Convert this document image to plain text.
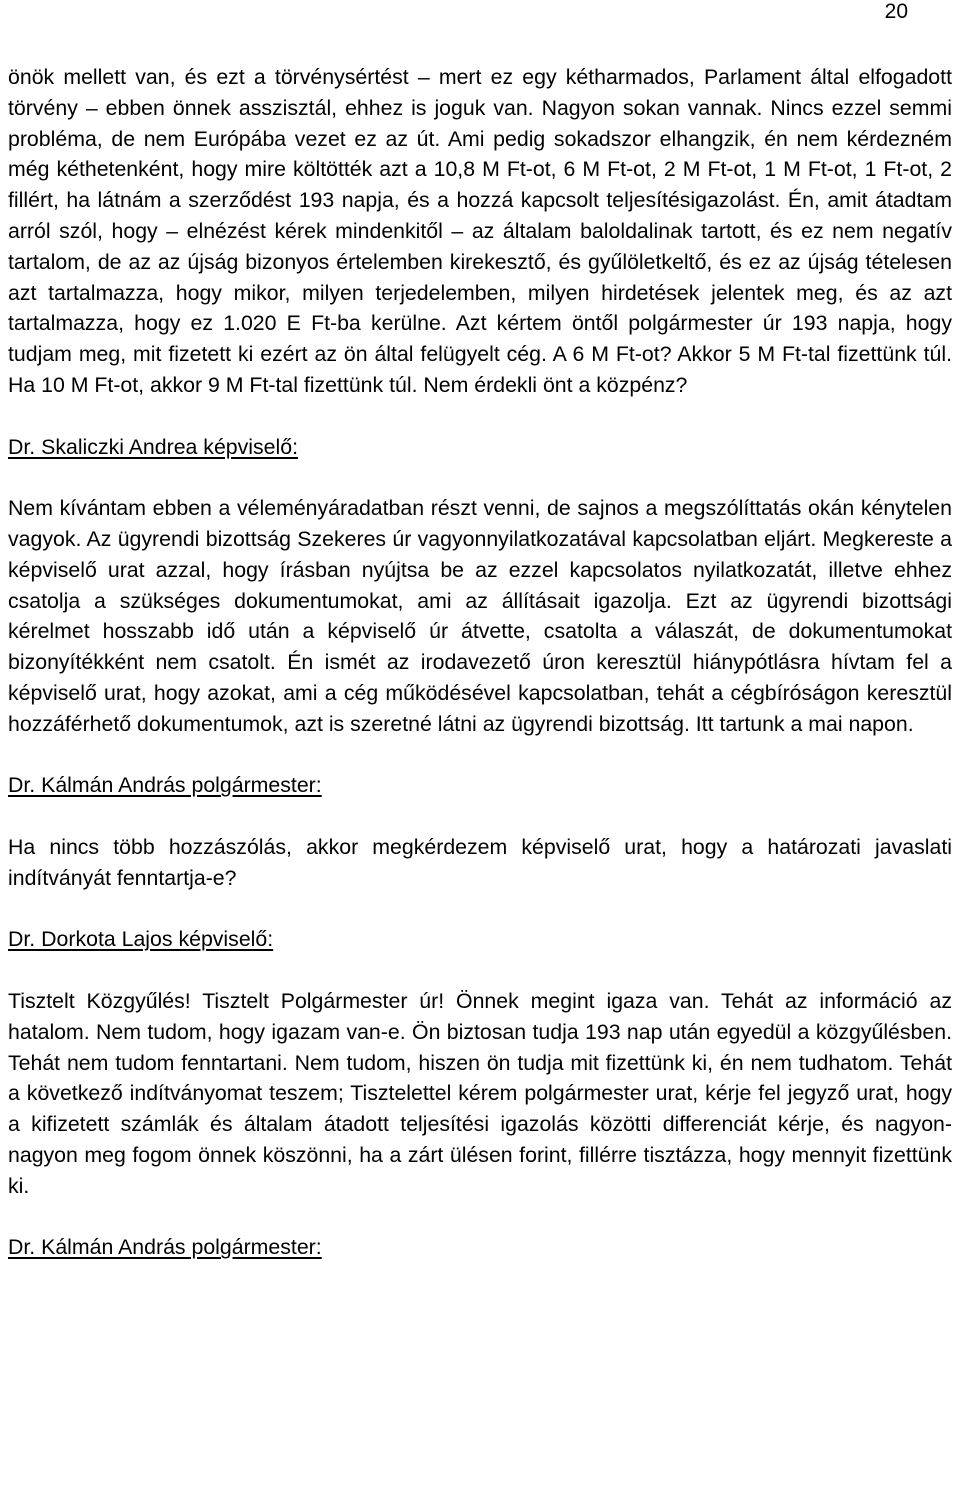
20

önök mellett van, és ezt a törvénysértést – mert ez egy kétharmados, Parlament által elfogadott törvény – ebben önnek asszisztál, ehhez is joguk van. Nagyon sokan vannak. Nincs ezzel semmi probléma, de nem Európába vezet ez az út. Ami pedig sokadszor elhangzik, én nem kérdezném még kéthetenként, hogy mire költötték azt a 10,8 M Ft-ot, 6 M Ft-ot, 2 M Ft-ot, 1 M Ft-ot, 1 Ft-ot, 2 fillért, ha látnám a szerződést 193 napja, és a hozzá kapcsolt teljesítésigazolást. Én, amit átadtam arról szól, hogy – elnézést kérek mindenkitől – az általam baloldalinak tartott, és ez nem negatív tartalom, de az az újság bizonyos értelemben kirekesztő, és gyűlöletkeltő, és ez az újság tételesen azt tartalmazza, hogy mikor, milyen terjedelemben, milyen hirdetések jelentek meg, és az azt tartalmazza, hogy ez 1.020 E Ft-ba kerülne. Azt kértem öntől polgármester úr 193 napja, hogy tudjam meg, mit fizetett ki ezért az ön által felügyelt cég. A 6 M Ft-ot? Akkor 5 M Ft-tal fizettünk túl. Ha 10 M Ft-ot, akkor 9 M Ft-tal fizettünk túl. Nem érdekli önt a közpénz?

Dr. Skaliczki Andrea képviselő:

Nem kívántam ebben a véleményáradatban részt venni, de sajnos a megszólíttatás okán kénytelen vagyok. Az ügyrendi bizottság Szekeres úr vagyonnyilatkozatával kapcsolatban eljárt. Megkereste a képviselő urat azzal, hogy írásban nyújtsa be az ezzel kapcsolatos nyilatkozatát, illetve ehhez csatolja a szükséges dokumentumokat, ami az állításait igazolja. Ezt az ügyrendi bizottsági kérelmet hosszabb idő után a képviselő úr átvette, csatolta a válaszát, de dokumentumokat bizonyítékként nem csatolt. Én ismét az irodavezető úron keresztül hiánypótlásra hívtam fel a képviselő urat, hogy azokat, ami a cég működésével kapcsolatban, tehát a cégbíróságon keresztül hozzáférhető dokumentumok, azt is szeretné látni az ügyrendi bizottság. Itt tartunk a mai napon.

Dr. Kálmán András polgármester:

Ha nincs több hozzászólás, akkor megkérdezem képviselő urat, hogy a határozati javaslati indítványát fenntartja-e?

Dr. Dorkota Lajos képviselő:

Tisztelt Közgyűlés! Tisztelt Polgármester úr! Önnek megint igaza van. Tehát az információ az hatalom. Nem tudom, hogy igazam van-e. Ön biztosan tudja 193 nap után egyedül a közgyűlésben. Tehát nem tudom fenntartani. Nem tudom, hiszen ön tudja mit fizettünk ki, én nem tudhatom. Tehát a következő indítványomat teszem; Tisztelettel kérem polgármester urat, kérje fel jegyző urat, hogy a kifizetett számlák és általam átadott teljesítési igazolás közötti differenciát kérje, és nagyon-nagyon meg fogom önnek köszönni, ha a zárt ülésen forint, fillérre tisztázza, hogy mennyit fizettünk ki.

Dr. Kálmán András polgármester:
